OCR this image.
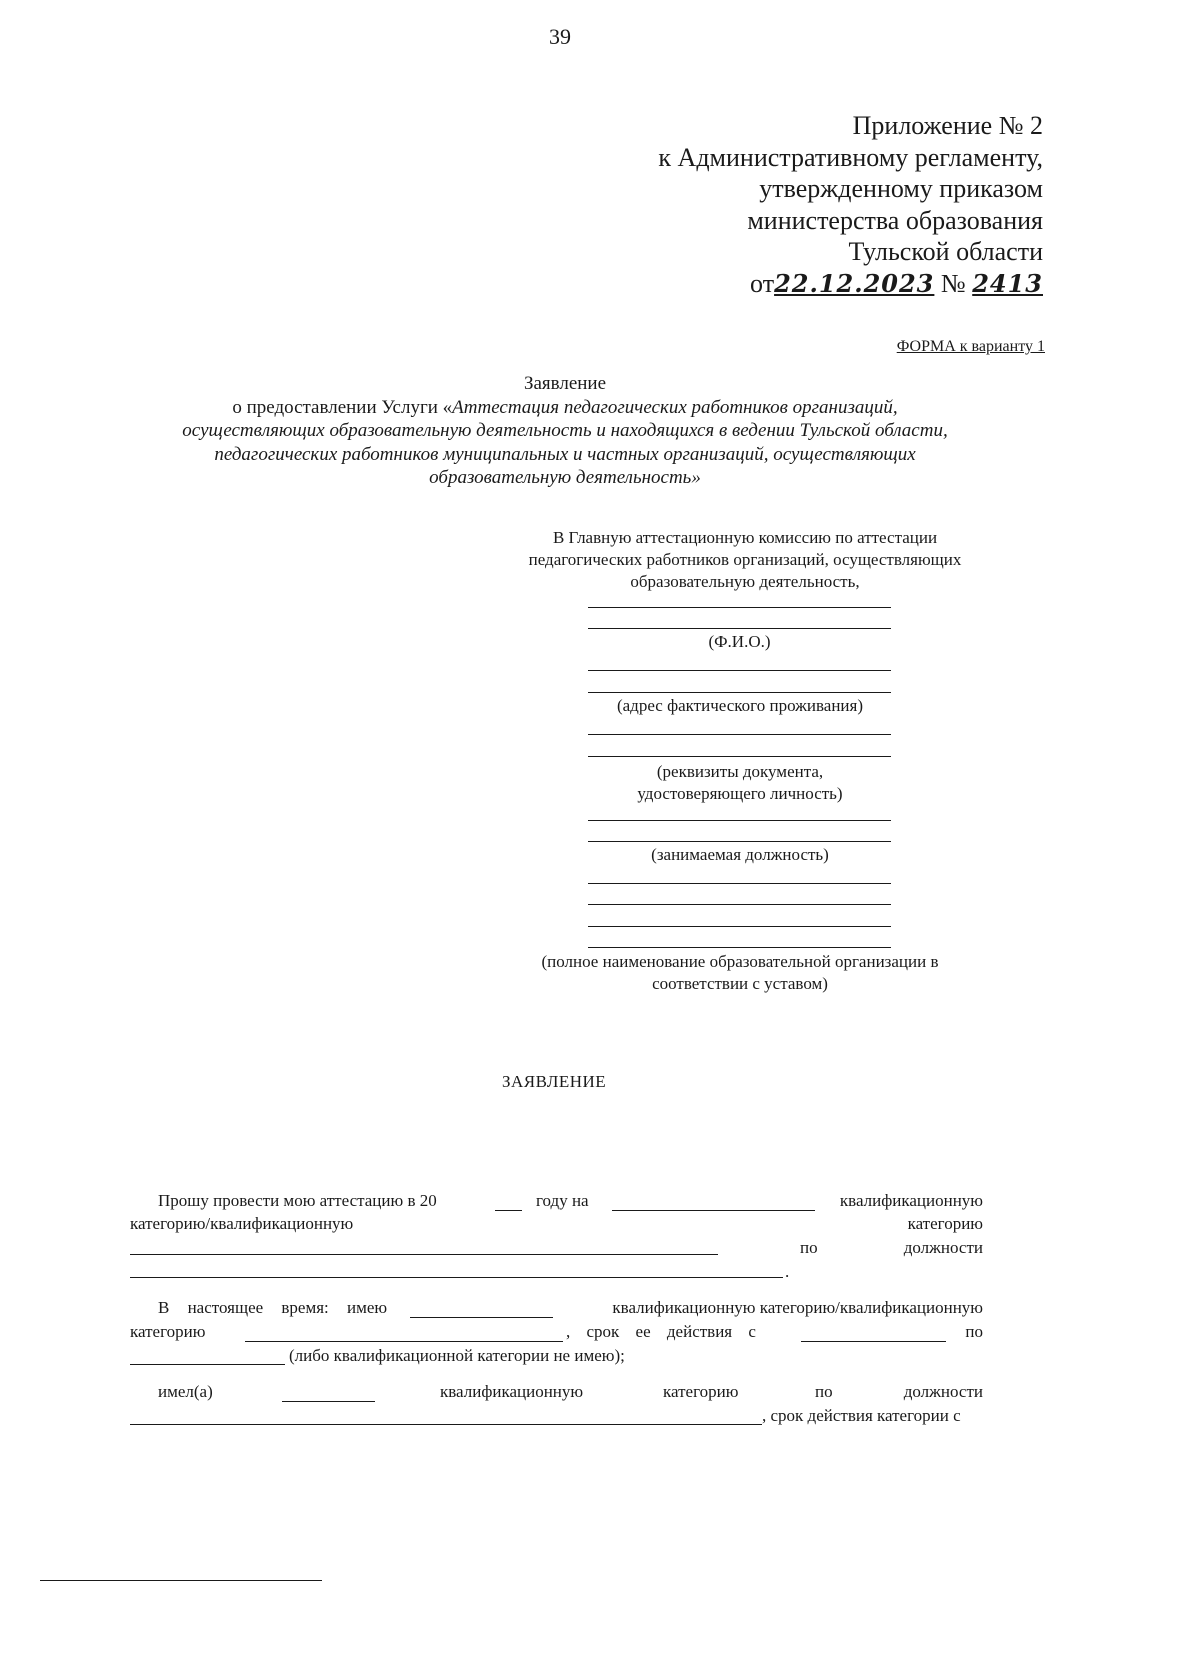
39
Приложение № 2
к Административному регламенту,
утвержденному приказом
министерства образования
Тульской области
от22.12.2023 № 2413
ФОРМА к варианту 1
Заявление
о предоставлении Услуги «Аттестация педагогических работников организаций,
осуществляющих образовательную деятельность и находящихся в ведении Тульской области,
педагогических работников муниципальных и частных организаций, осуществляющих
образовательную деятельность»
В Главную аттестационную комиссию по аттестации
педагогических работников организаций, осуществляющих
образовательную деятельность,
(Ф.И.О.)
(адрес фактического проживания)
(реквизиты документа,
удостоверяющего личность)
(занимаемая должность)
(полное наименование образовательной организации в
соответствии с уставом)
ЗАЯВЛЕНИЕ
Прошу провести мою аттестацию в 20	году на	квалификационную
категорию/квалификационную	категорию
по	должности
.
В настоящее время: имею	квалификационную категорию/квалификационную
категорию	, срок ее действия с	по
(либо квалификационной категории не имею);
имел(а)	квалификационную	категорию	по	должности
, срок действия категории с
